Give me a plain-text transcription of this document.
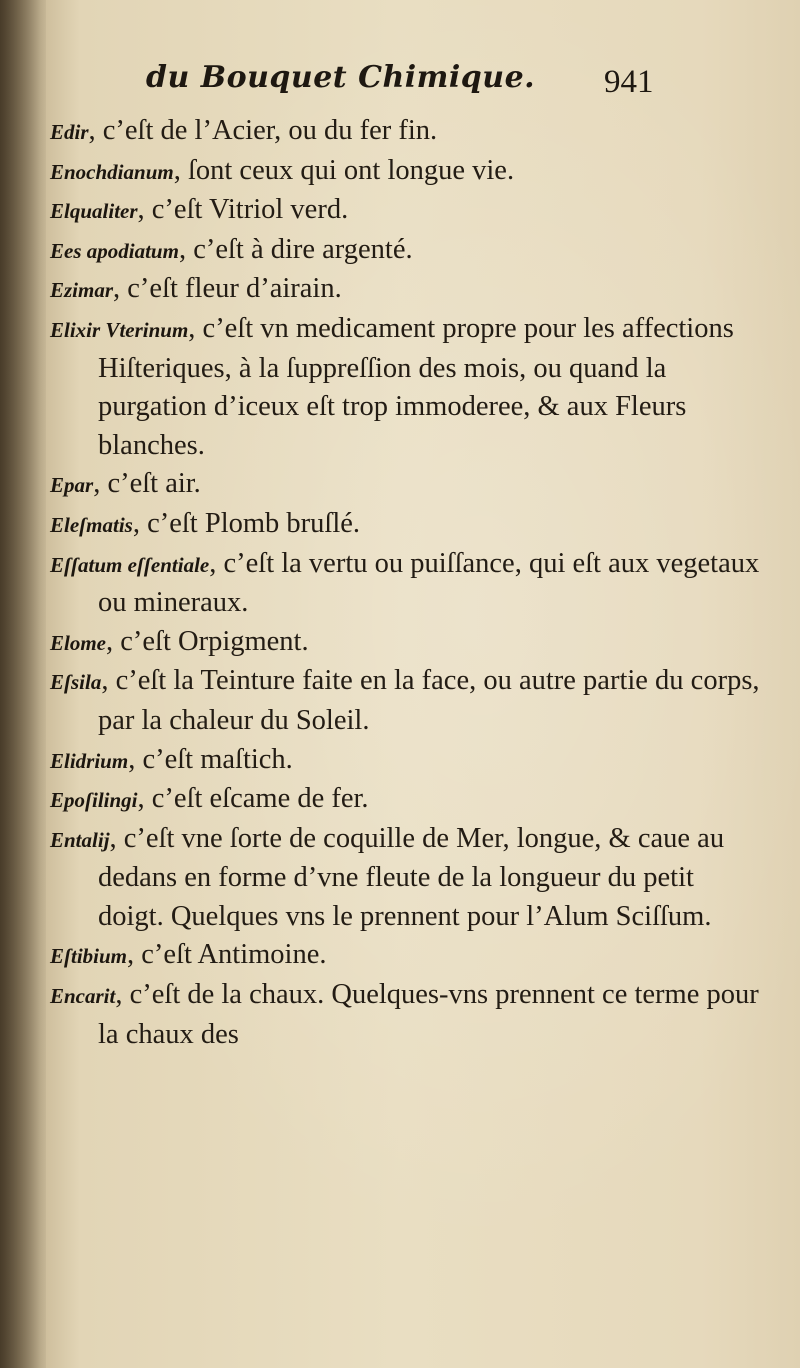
du Bouquet Chimique. 941
Edir, c’eſt de l’Acier, ou du fer fin.
Enochdianum, ſont ceux qui ont longue vie.
Elqualiter, c’eſt Vitriol verd.
Ees apodiatum, c’eſt à dire argenté.
Ezimar, c’eſt fleur d’airain.
Elixir Vterinum, c’eſt vn medicament propre pour les affections Hiſteriques, à la ſuppreſſion des mois, ou quand la purgation d’iceux eſt trop immoderee, & aux Fleurs blanches.
Epar, c’eſt air.
Eleſmatis, c’eſt Plomb bruſlé.
Eſſatum eſſentiale, c’eſt la vertu ou puiſſance, qui eſt aux vegetaux ou mineraux.
Elome, c’eſt Orpigment.
Eſsila, c’eſt la Teinture faite en la face, ou autre partie du corps, par la chaleur du Soleil.
Elidrium, c’eſt maſtich.
Epoſilingi, c’eſt eſcame de fer.
Entalij, c’eſt vne ſorte de coquille de Mer, longue, & caue au dedans en forme d’vne fleute de la longueur du petit doigt. Quelques vns le prennent pour l’Alum Sciſſum.
Eſtibium, c’eſt Antimoine.
Encarit, c’eſt de la chaux. Quelques-vns prennent ce terme pour la chaux des
